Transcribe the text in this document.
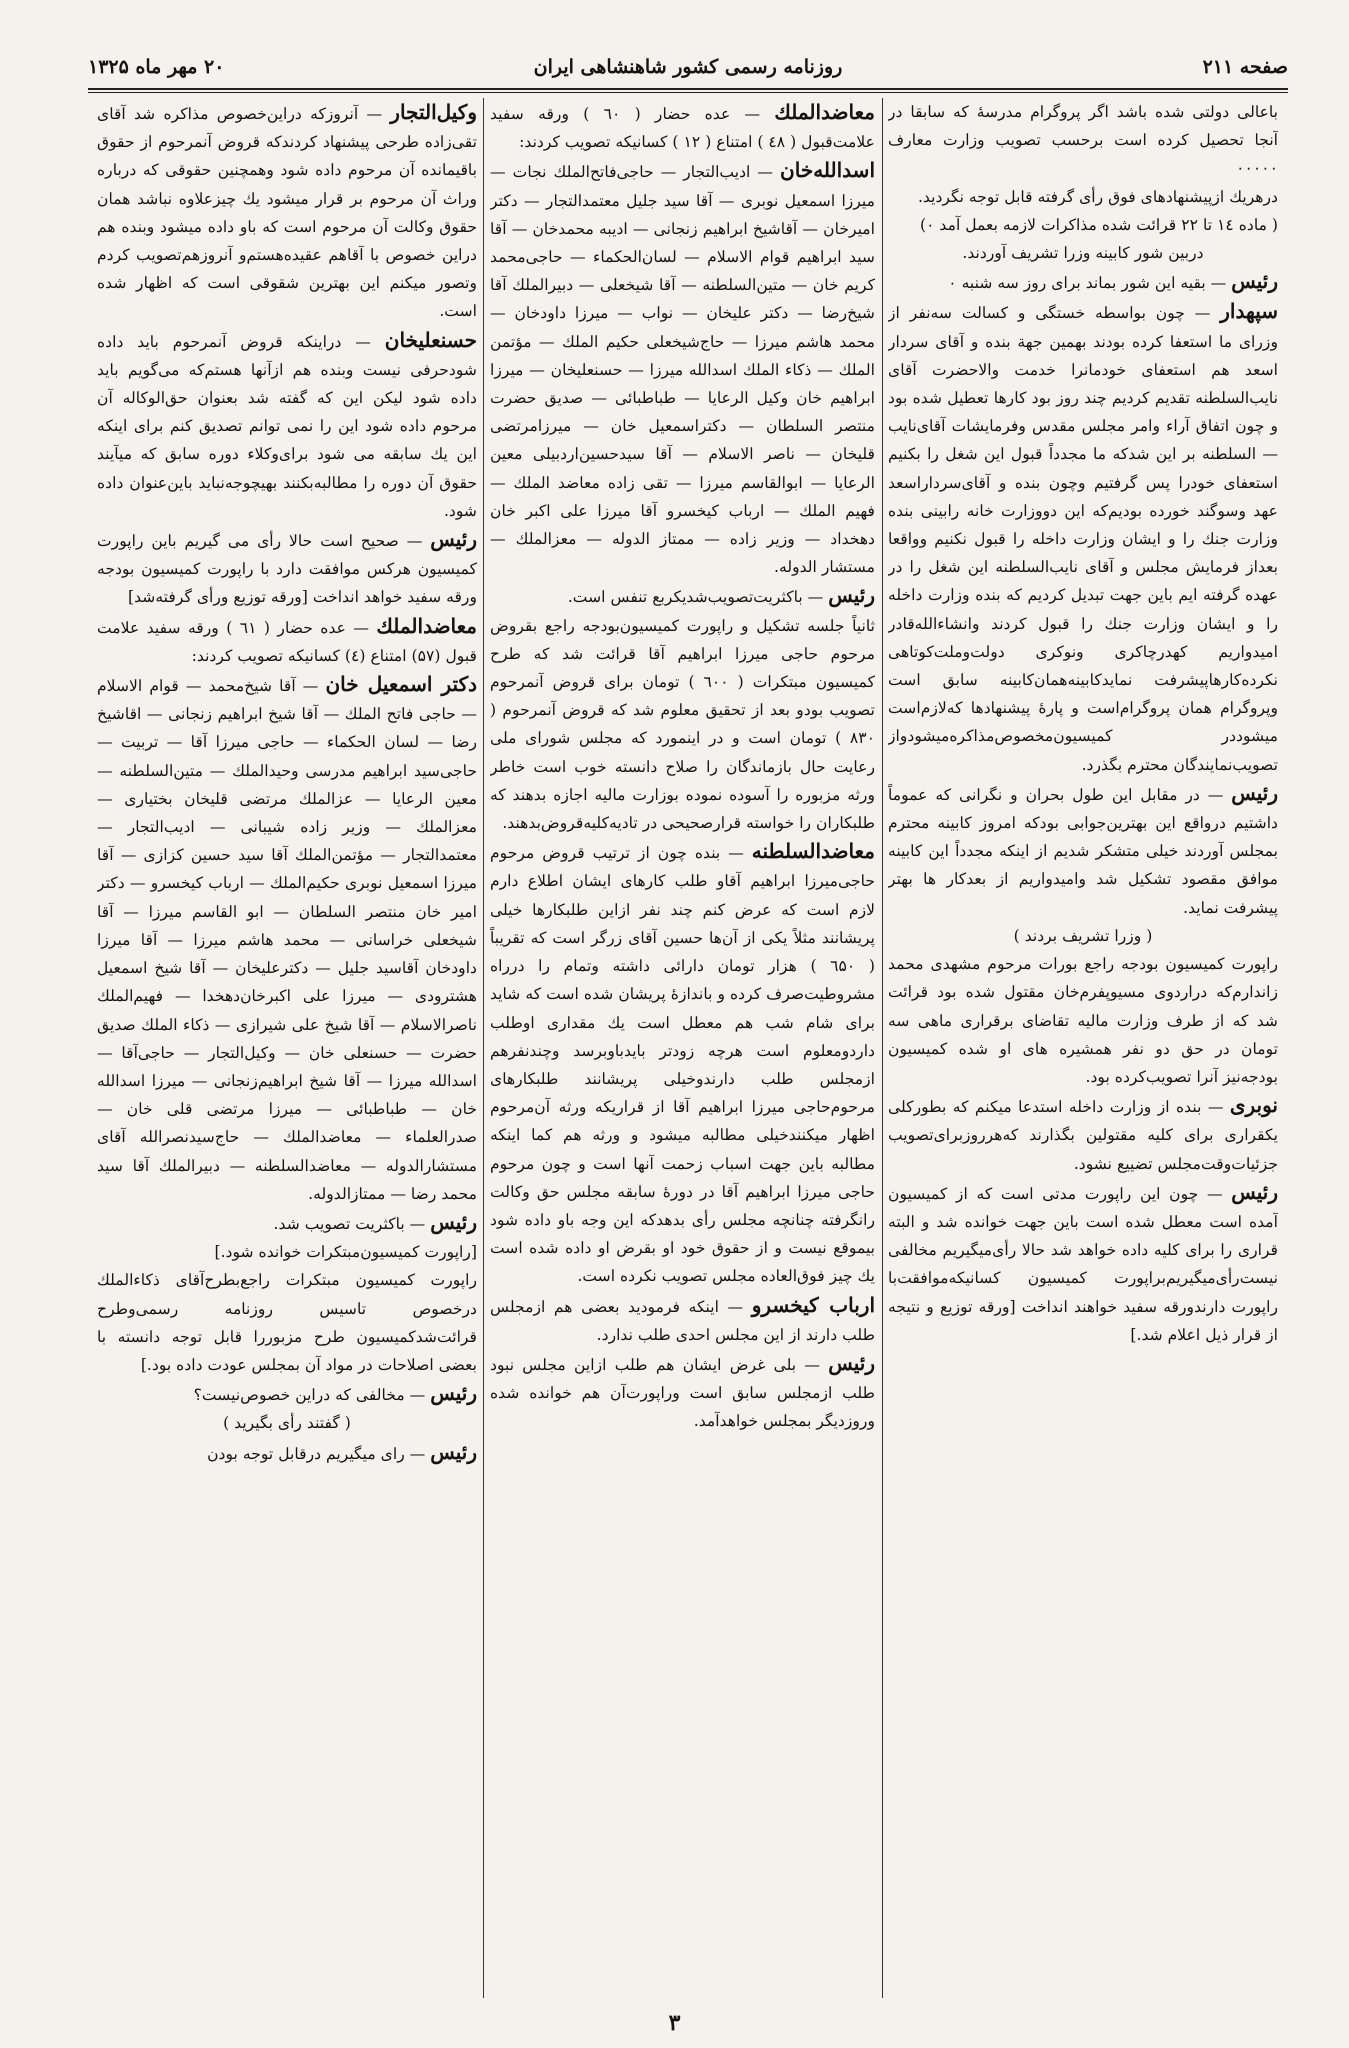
صفحه ۲۱۱
روزنامه رسمی کشور شاهنشاهی ایران
۲۰ مهر ماه ۱۳۲۵

باعالی دولتی شده باشد اگر پروگرام مدرسهٔ که سابقا در آنجا تحصیل کرده است برحسب تصویب وزارت معارف ۰۰۰۰۰

درهریك ازپیشنهادهای فوق رأی گرفته قابل توجه نگردید.

( ماده ۱٤ تا ۲۲ قرائت شده مذاکرات لازمه بعمل آمد ۰)

دربین شور کابینه وزرا تشریف آوردند.

رئیس — بقیه این شور بماند برای روز سه شنبه ۰

سپهدار — چون بواسطه خستگی و کسالت سه‌نفر از وزرای ما استعفا کرده بودند بهمین جهة بنده و آقای سردار اسعد هم استعفای خودمانرا خدمت والاحضرت آقای نایب‌السلطنه تقدیم کردیم چند روز بود کارها تعطیل شده بود و چون اتفاق آراء وامر مجلس مقدس وفرمایشات آقای‌نایب‌— السلطنه بر این شدکه ما مجدداً قبول این شغل را بکنیم استعفای خودرا پس گرفتیم وچون بنده و آقای‌سرداراسعد عهد وسوگند خورده بودیم‌که این دووزارت خانه رابینی بنده وزارت جنك را و ایشان وزارت داخله را قبول نکنیم وواقعا بعداز فرمایش مجلس و آقای نایب‌السلطنه این شغل را در عهده گرفته ایم باین جهت تبدیل کردیم که بنده وزارت داخله را و ایشان وزارت جنك را قبول کردند وانشاءالله‌قادر امیدواریم کهدرچاکری ونوکری دولت‌وملت‌کوتاهی نکرده‌کارهاپیشرفت نمایدکابینه‌همان‌کابینه سابق است وپروگرام همان پروگرام‌است و پارهٔ پیشنهادها که‌لازم‌است میشوددر کمیسیون‌مخصوص‌مذاکره‌میشودواز تصویب‌نمایندگان محترم بگذرد.

رئیس — در مقابل این طول بحران و نگرانی که عموماً داشتیم درواقع این بهترین‌جوابی بودکه امروز کابینه محترم بمجلس آوردند خیلی متشکر شدیم از اینکه مجدداً این کابینه موافق مقصود تشکیل شد وامیدواریم از بعدکار ها بهتر پیشرفت نماید.

( وزرا تشریف بردند )

راپورت کمیسیون بودجه راجع بورات مرحوم مشهدی محمد زاندارم‌که دراردوی مسیوپفرم‌خان مقتول شده بود قرائت شد که از طرف وزارت مالیه تقاضای برقراری ماهی سه تومان در حق دو نفر همشیره های او شده کمیسیون بودجه‌نیز آنرا تصویب‌کرده بود.

نوبری — بنده از وزارت داخله استدعا میکنم که بطورکلی یکقراری برای کلیه مقتولین بگذارند که‌هرروزبرای‌تصویب‌ جزئیات‌وقت‌مجلس تضییع نشود.

رئیس — چون این راپورت مدتی است که از کمیسیون آمده است معطل شده است باین جهت خوانده شد و البته قراری را برای کلیه داده خواهد شد حالا رأی‌میگیریم مخالفی نیست‌رأی‌میگیریم‌براپورت کمیسیون کسانیکه‌موافقت‌با راپورت دارندورقه سفید خواهند انداخت [ورقه توزیع و نتیجه از قرار ذیل اعلام شد.]

معاضدالملك — عده حضار ( ٦۰ ) ورقه سفید علامت‌قبول ( ٤۸ ) امتناع ( ۱۲ ) کسانیکه تصویب کردند:

اسدالله‌خان — ادیب‌التجار — حاجی‌فاتح‌الملك نجات — میرزا اسمعیل نوبری — آقا سید جلیل معتمدالتجار — دکتر امیرخان — آقاشیخ ابراهیم زنجانی — ادیبه محمدخان — آقا سید ابراهیم قوام الاسلام — لسان‌الحکماء — حاجی‌محمد کریم خان — متین‌السلطنه — آقا شیخعلی — دبیرالملك آقا شیخ‌رضا — دکتر علیخان — نواب — میرزا داودخان — محمد هاشم میرزا — حاج‌شیخعلی حکیم الملك — مؤتمن الملك — ذکاء الملك اسدالله میرزا — حسنعلیخان — میرزا ابراهیم خان وکیل الرعایا — طباطبائی — صدیق حضرت منتصر السلطان — دکتراسمعیل خان — میرزامرتضی قلیخان — ناصر الاسلام — آقا سیدحسین‌اردبیلی معین الرعایا — ابوالقاسم میرزا — تقی زاده معاضد الملك — فهیم الملك — ارباب کیخسرو آقا میرزا علی اکبر خان دهخداد — وزیر زاده — ممتاز الدوله — معزالملك — مستشار الدوله.

رئیس — باکثریت‌تصویب‌شدیکربع تنفس است.

ثانیاً جلسه تشکیل و راپورت کمیسیون‌بودجه راجع بقروض مرحوم حاجی میرزا ابراهیم آقا قرائت شد که طرح کمیسیون مبتکرات ( ٦۰۰ ) تومان برای قروض آنمرحوم تصویب بودو بعد از تحقیق معلوم شد که قروض آنمرحوم ( ۸۳۰ ) تومان است و در اینمورد که مجلس شورای ملی رعایت حال بازماندگان را صلاح دانسته خوب است خاطر ورثه مزبوره را آسوده نموده بوزارت مالیه اجازه بدهند که طلبکاران را خواسته قرارصحیحی در تادیه‌کلیه‌قروض‌بدهند.

معاضدالسلطنه — بنده چون از ترتیب قروض مرحوم حاجی‌میرزا ابراهیم آقاو طلب کارهای ایشان اطلاع دارم لازم است که عرض کنم چند نفر ازاین طلبکارها خیلی پریشانند مثلاً یکی از آن‌ها حسین آقای زرگر است که تقریباً ( ٦۵۰ ) هزار تومان دارائی داشته وتمام را درراه مشروطیت‌صرف کرده و باندازهٔ پریشان شده است که شاید برای شام شب هم معطل است یك مقداری اوطلب داردومعلوم است هرچه زودتر بایدباوبرسد وچندنفرهم ازمجلس طلب دارندوخیلی پریشانند طلبکارهای مرحوم‌حاجی میرزا ابراهیم آقا از قراریکه ورثه آن‌مرحوم اظهار میکنندخیلی مطالبه میشود و ورثه هم کما اینکه مطالبه باین جهت اسباب زحمت آنها است و چون مرحوم حاجی میرزا ابراهیم آقا در دورهٔ سابقه مجلس حق وکالت رانگرفته چنانچه مجلس رأی بدهدکه این وجه باو داده شود بیموقع نیست و از حقوق خود او بقرض او داده شده است یك چیز فوق‌العاده مجلس تصویب نکرده است.

ارباب کیخسرو — اینکه فرمودید بعضی هم ازمجلس طلب دارند از این مجلس احدی طلب ندارد.

رئیس — بلی غرض ایشان هم طلب ازاین مجلس نبود طلب ازمجلس سابق است وراپورت‌آن هم خوانده شده وروزدیگر بمجلس خواهدآمد.

وکیل‌التجار — آنروزکه دراین‌خصوص مذاکره شد آقای تقی‌زاده طرحی پیشنهاد کردندکه قروض آنمرحوم از حقوق باقیمانده آن مرحوم داده شود وهمچنین حقوقی که درباره وراث آن مرحوم بر قرار میشود یك چیزعلاوه نباشد همان حقوق وکالت آن مرحوم است که باو داده میشود وبنده هم دراین خصوص با آقاهم عقیده‌هستم‌و آنروزهم‌تصویب کردم وتصور میکنم این بهترین شقوقی است که اظهار شده است.

حسنعلیخان — دراینکه قروض آنمرحوم باید داده شودحرفی نیست وبنده هم ازآنها هستم‌که می‌گویم باید داده شود لیکن این که گفته شد بعنوان حق‌الوکاله آن مرحوم داده شود این را نمی توانم تصدیق کنم برای اینکه این یك سابقه می شود برای‌وکلاء دوره سابق که میآیند حقوق آن دوره را مطالبه‌بکنند بهیچوجه‌نباید باین‌عنوان داده شود.

رئیس — صحیح است حالا رأی می گیریم باین راپورت کمیسیون هرکس موافقت دارد با راپورت کمیسیون بودجه ورقه سفید خواهد انداخت [ورقه توزیع ورأی گرفته‌شد]

معاضدالملك — عده حضار ( ٦۱ ) ورقه سفید علامت قبول (۵۷) امتناع (٤) کسانیکه تصویب کردند:

دکتر اسمعیل خان — آقا شیخ‌محمد — قوام الاسلام — حاجی فاتح الملك — آقا شیخ ابراهیم زنجانی — اقاشیخ رضا — لسان الحکماء — حاجی میرزا آقا — تربیت — حاجی‌سید ابراهیم مدرسی وحیدالملك — متین‌السلطنه — معین الرعایا — عزالملك مرتضی قلیخان بختیاری — معزالملك — وزیر زاده شیبانی — ادیب‌التجار — معتمدالتجار — مؤتمن‌الملك آقا سید حسین کزازی — آقا میرزا اسمعیل نوبری حکیم‌الملك — ارباب کیخسرو — دکتر امیر خان منتصر السلطان — ابو القاسم میرزا — آقا شیخعلی خراسانی — محمد هاشم میرزا — آقا میرزا داودخان آقاسید جلیل — دکترعلیخان — آقا شیخ اسمعیل هشترودی — میرزا علی اکبرخان‌دهخدا — فهیم‌الملك ناصرالاسلام — آقا شیخ علی شیرازی — ذکاء الملك صدیق حضرت — حسنعلی خان — وکیل‌التجار — حاجی‌آقا — اسدالله میرزا — آقا شیخ ابراهیم‌زنجانی — میرزا اسدالله خان — طباطبائی — میرزا مرتضی قلی خان — صدرالعلماء — معاضدالملك — حاج‌سیدنصرالله آقای مستشارالدوله — معاضدالسلطنه — دبیرالملك آقا سید محمد رضا — ممتازالدوله.

رئیس — باکثریت تصویب شد.

[راپورت کمیسیون‌مبتکرات خوانده شود.]

راپورت کمیسیون مبتکرات راجع‌بطرح‌آقای ذکاءالملك درخصوص تاسیس روزنامه رسمی‌وطرح قرائت‌شد‌کمیسیون طرح مزبوررا قابل توجه دانسته با بعضی اصلاحات در مواد آن بمجلس عودت داده بود.]

رئیس — مخالفی که دراین خصوص‌نیست؟

( گفتند رأی بگیرید )

رئیس — رای میگیریم درقابل توجه بودن

۳
